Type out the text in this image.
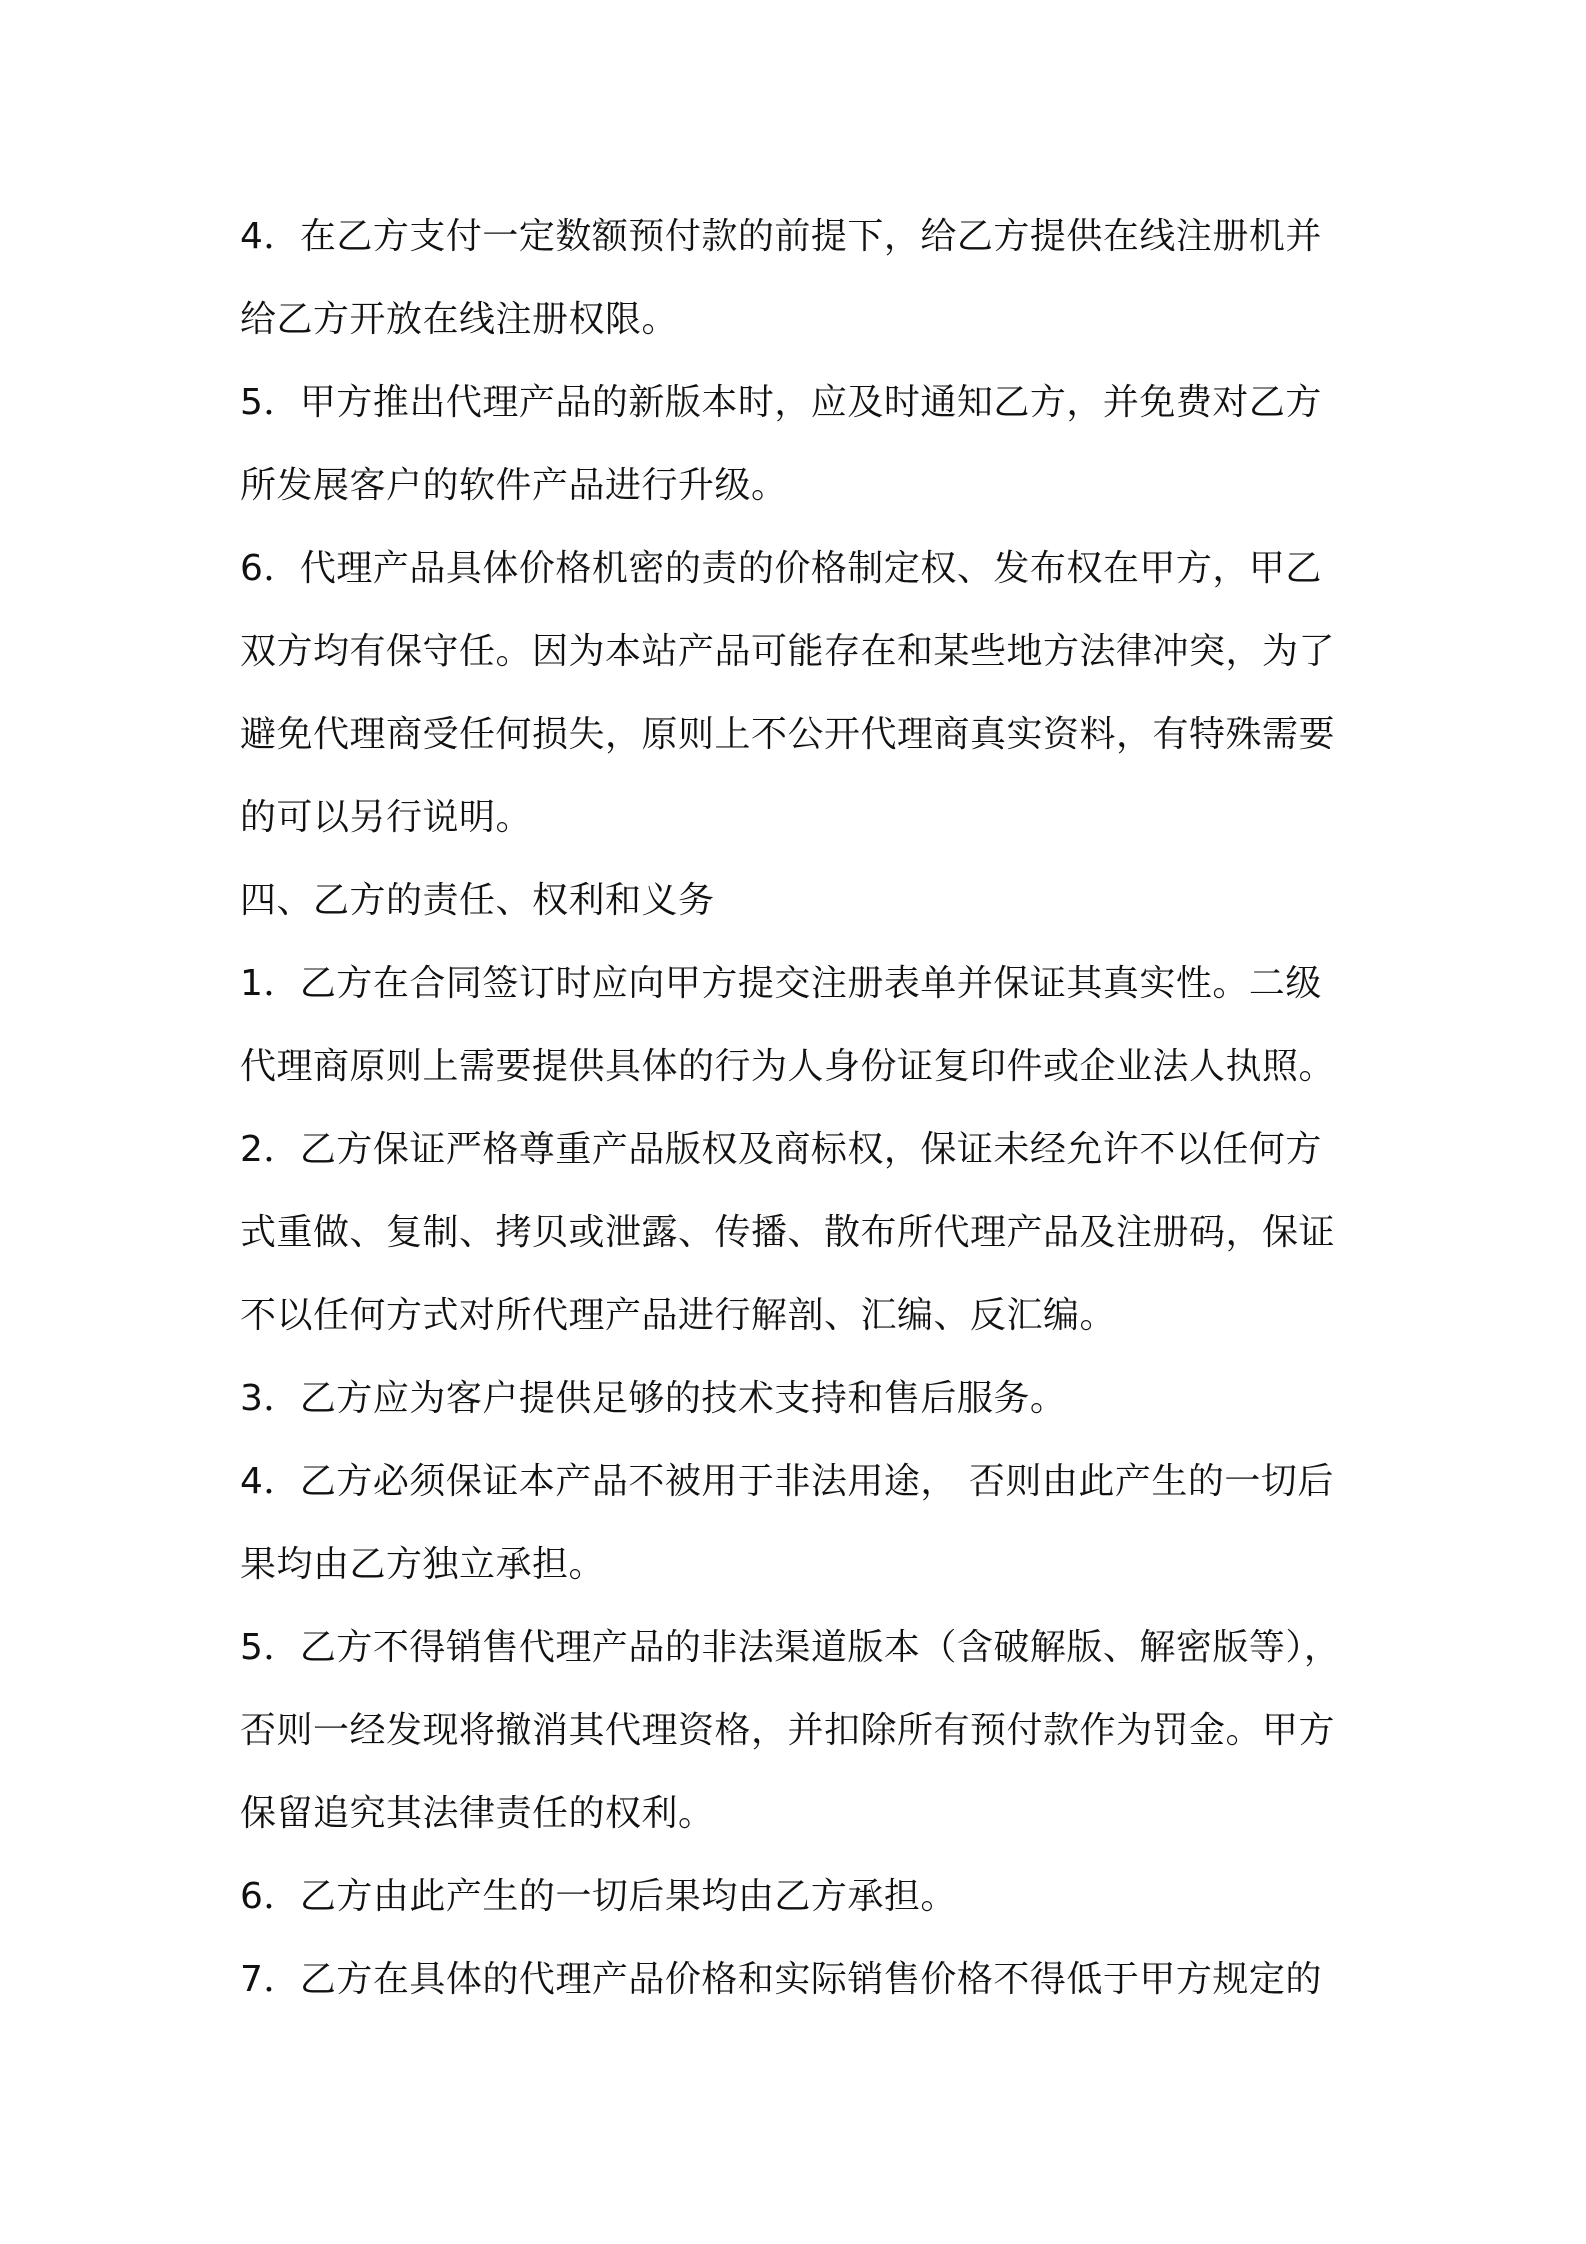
4．在乙方支付一定数额预付款的前提下，给乙方提供在线注册机并
给乙方开放在线注册权限。
5．甲方推出代理产品的新版本时，应及时通知乙方，并免费对乙方
所发展客户的软件产品进行升级。
6．代理产品具体价格机密的责的价格制定权、发布权在甲方，甲乙
双方均有保守任。因为本站产品可能存在和某些地方法律冲突，为了
避免代理商受任何损失，原则上不公开代理商真实资料，有特殊需要
的可以另行说明。
四、乙方的责任、权利和义务
1．乙方在合同签订时应向甲方提交注册表单并保证其真实性。二级
代理商原则上需要提供具体的行为人身份证复印件或企业法人执照。
2．乙方保证严格尊重产品版权及商标权，保证未经允许不以任何方
式重做、复制、拷贝或泄露、传播、散布所代理产品及注册码，保证
不以任何方式对所代理产品进行解剖、汇编、反汇编。
3．乙方应为客户提供足够的技术支持和售后服务。
4．乙方必须保证本产品不被用于非法用途， 否则由此产生的一切后
果均由乙方独立承担。
5．乙方不得销售代理产品的非法渠道版本（含破解版、解密版等），
否则一经发现将撤消其代理资格，并扣除所有预付款作为罚金。甲方
保留追究其法律责任的权利。
6．乙方由此产生的一切后果均由乙方承担。
7．乙方在具体的代理产品价格和实际销售价格不得低于甲方规定的
